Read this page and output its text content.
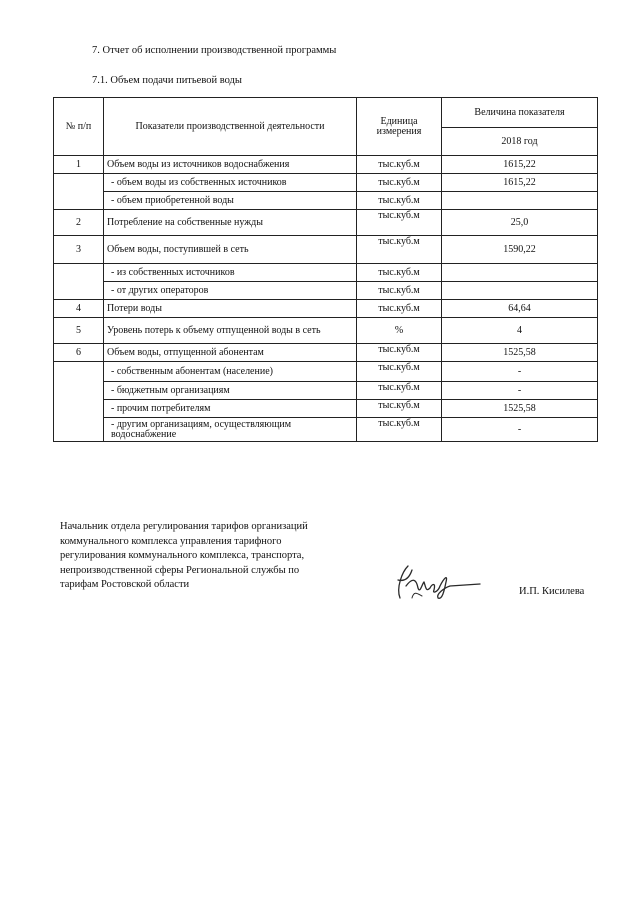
7. Отчет об исполнении производственной программы
7.1. Объем подачи питьевой воды
№ п/п	Показатели производственной деятельности	Единица измерения	Величина показателя
			2018 год
1	Объем воды из источников водоснабжения	тыс.куб.м	1615,22
	- объем воды из собственных источников	тыс.куб.м	1615,22
	- объем приобретенной воды	тыс.куб.м	
2	Потребление на собственные нужды	тыс.куб.м	25,0
3	Объем воды, поступившей в сеть	тыс.куб.м	1590,22
	- из собственных источников	тыс.куб.м	
	- от других операторов	тыс.куб.м	
4	Потери воды	тыс.куб.м	64,64
5	Уровень потерь к объему отпущенной воды в сеть	%	4
6	Объем воды, отпущенной абонентам	тыс.куб.м	1525,58
	- собственным абонентам (население)	тыс.куб.м	-
	- бюджетным организациям	тыс.куб.м	-
	- прочим потребителям	тыс.куб.м	1525,58
	- другим организациям, осуществляющим водоснабжение	тыс.куб.м	-
Начальник отдела регулирования тарифов организаций
коммунального комплекса управления тарифного
регулирования коммунального комплекса, транспорта,
непроизводственной сферы Региональной службы по
тарифам Ростовской области
И.П. Кисилева
